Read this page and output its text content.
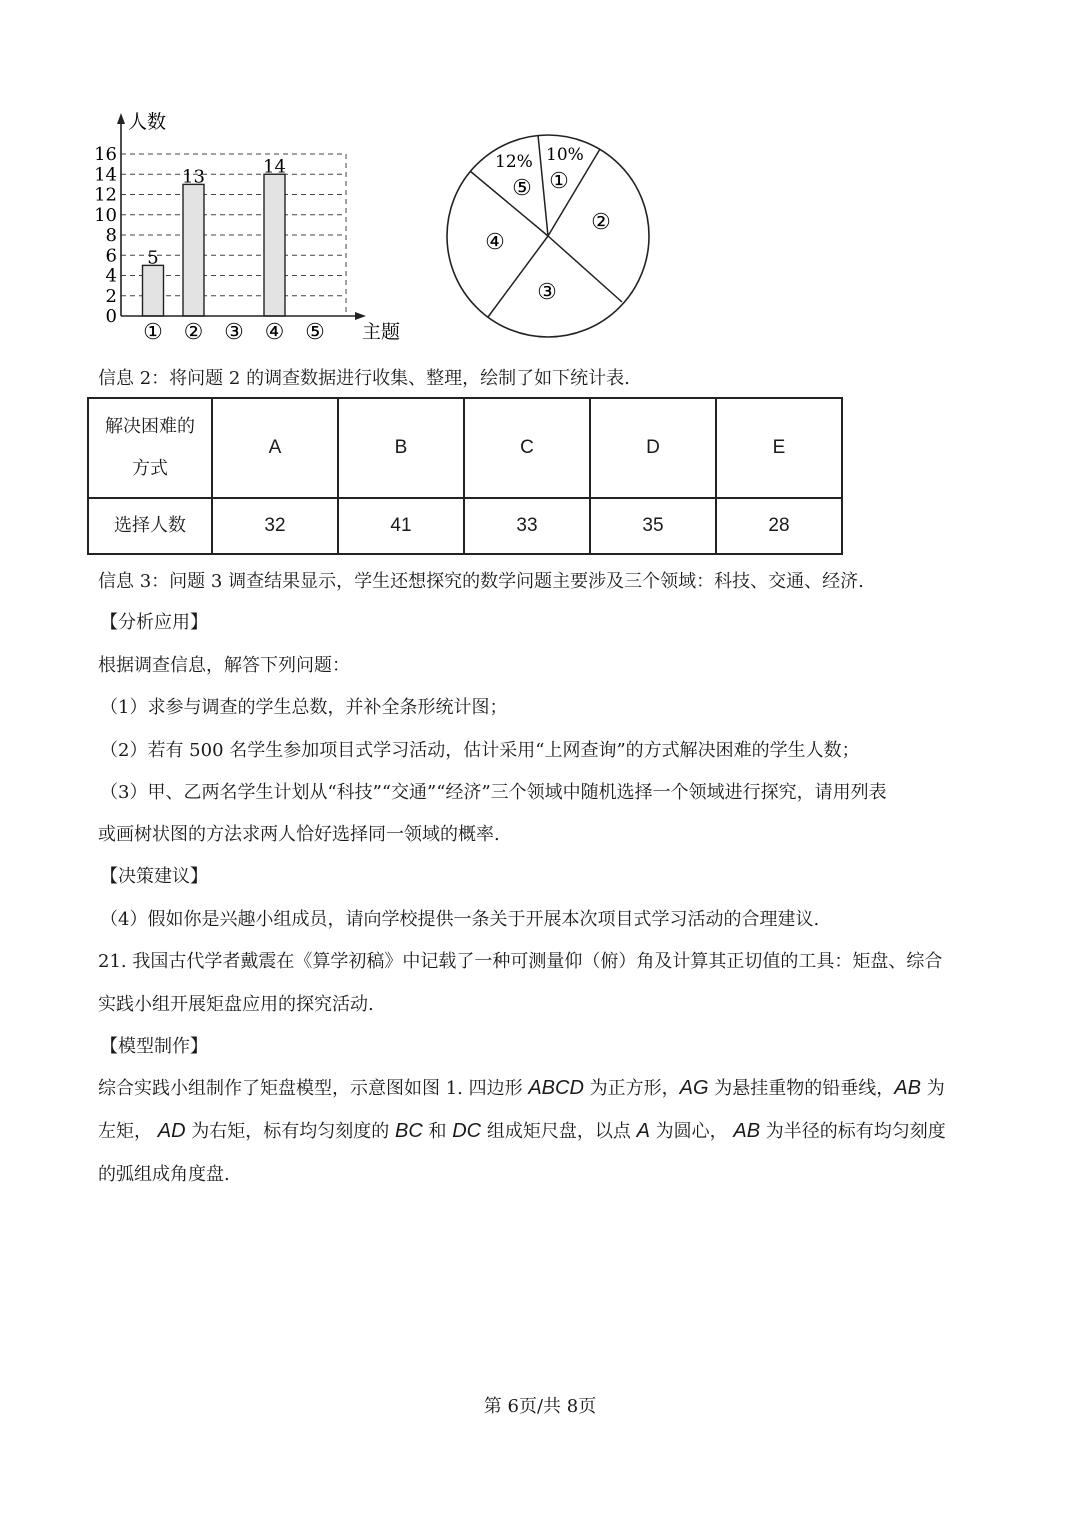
5
13	14
0
2
4
6
8
10
12
14
16
① ② ③ ④ ⑤
人数
主题
12% 10%
⑤ ①
②
④
③
信息 2：将问题 2 的调查数据进行收集、整理，绘制了如下统计表.
解决困难的
方式	A	B	C	D	E
选择人数	32	41	33	35	28
信息 3：问题 3 调查结果显示，学生还想探究的数学问题主要涉及三个领域：科技、交通、经济.
【分析应用】
根据调查信息，解答下列问题：
（1）求参与调查的学生总数，并补全条形统计图；
（2）若有 500 名学生参加项目式学习活动，估计采用“上网查询”的方式解决困难的学生人数；
（3）甲、乙两名学生计划从“科技”“交通”“经济”三个领域中随机选择一个领域进行探究，请用列表
或画树状图的方法求两人恰好选择同一领域的概率.
【决策建议】
（4）假如你是兴趣小组成员，请向学校提供一条关于开展本次项目式学习活动的合理建议.
21. 我国古代学者戴震在《算学初稿》中记载了一种可测量仰（俯）角及计算其正切值的工具：矩盘、综合
实践小组开展矩盘应用的探究活动.
【模型制作】
综合实践小组制作了矩盘模型，示意图如图 1. 四边形 ABCD 为正方形，AG 为悬挂重物的铅垂线，AB 为
左矩， AD 为右矩，标有均匀刻度的 BC 和 DC 组成矩尺盘，以点 A 为圆心， AB 为半径的标有均匀刻度
的弧组成角度盘.
第 6页/共 8页
